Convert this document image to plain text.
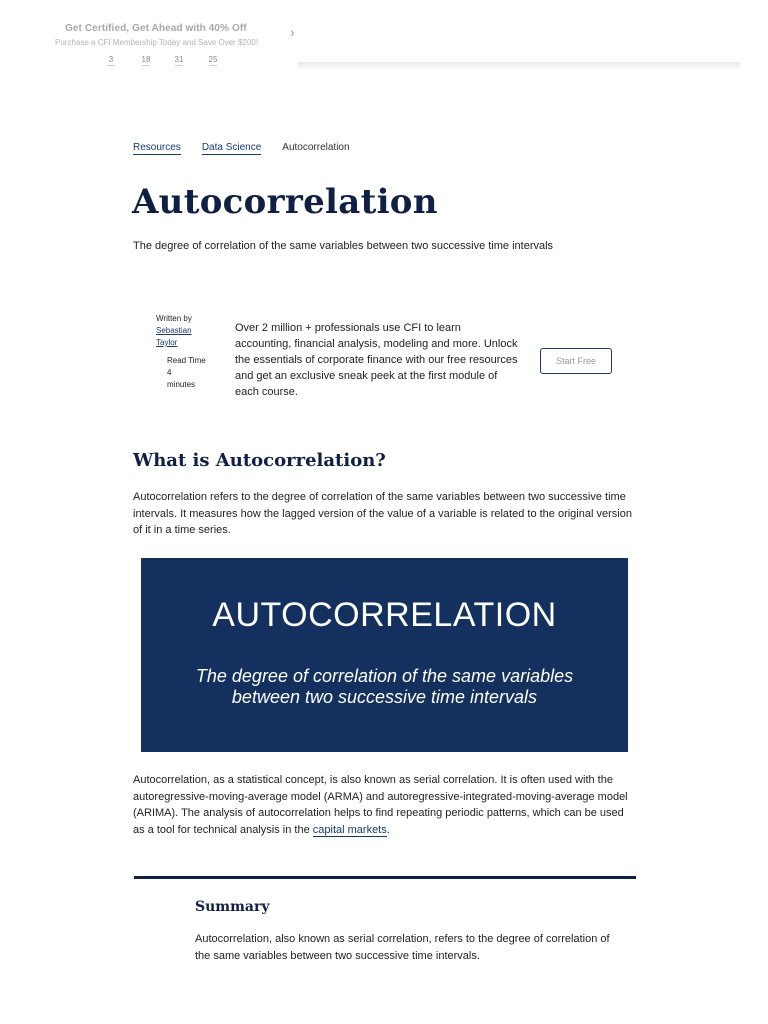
Get Certified, Get Ahead with 40% Off
Purchase a CFI Membership Today and Save Over $200!
›
3	18	31	25
Resources Data Science Autocorrelation
Autocorrelation

The degree of correlation of the same variables between two successive time intervals

Written by
Sebastian Taylor
Read Time
4
minutes

Over 2 million + professionals use CFI to learn accounting, financial analysis, modeling and more. Unlock the essentials of corporate finance with our free resources and get an exclusive sneak peek at the first module of each course.

Start Free
What is Autocorrelation?

Autocorrelation refers to the degree of correlation of the same variables between two successive time intervals. It measures how the lagged version of the value of a variable is related to the original version of it in a time series.

AUTOCORRELATION
The degree of correlation of the same variables between two successive time intervals

Autocorrelation, as a statistical concept, is also known as serial correlation. It is often used with the autoregressive-moving-average model (ARMA) and autoregressive-integrated-moving-average model (ARIMA). The analysis of autocorrelation helps to find repeating periodic patterns, which can be used as a tool for technical analysis in the capital markets.

Summary

Autocorrelation, also known as serial correlation, refers to the degree of correlation of the same variables between two successive time intervals.
